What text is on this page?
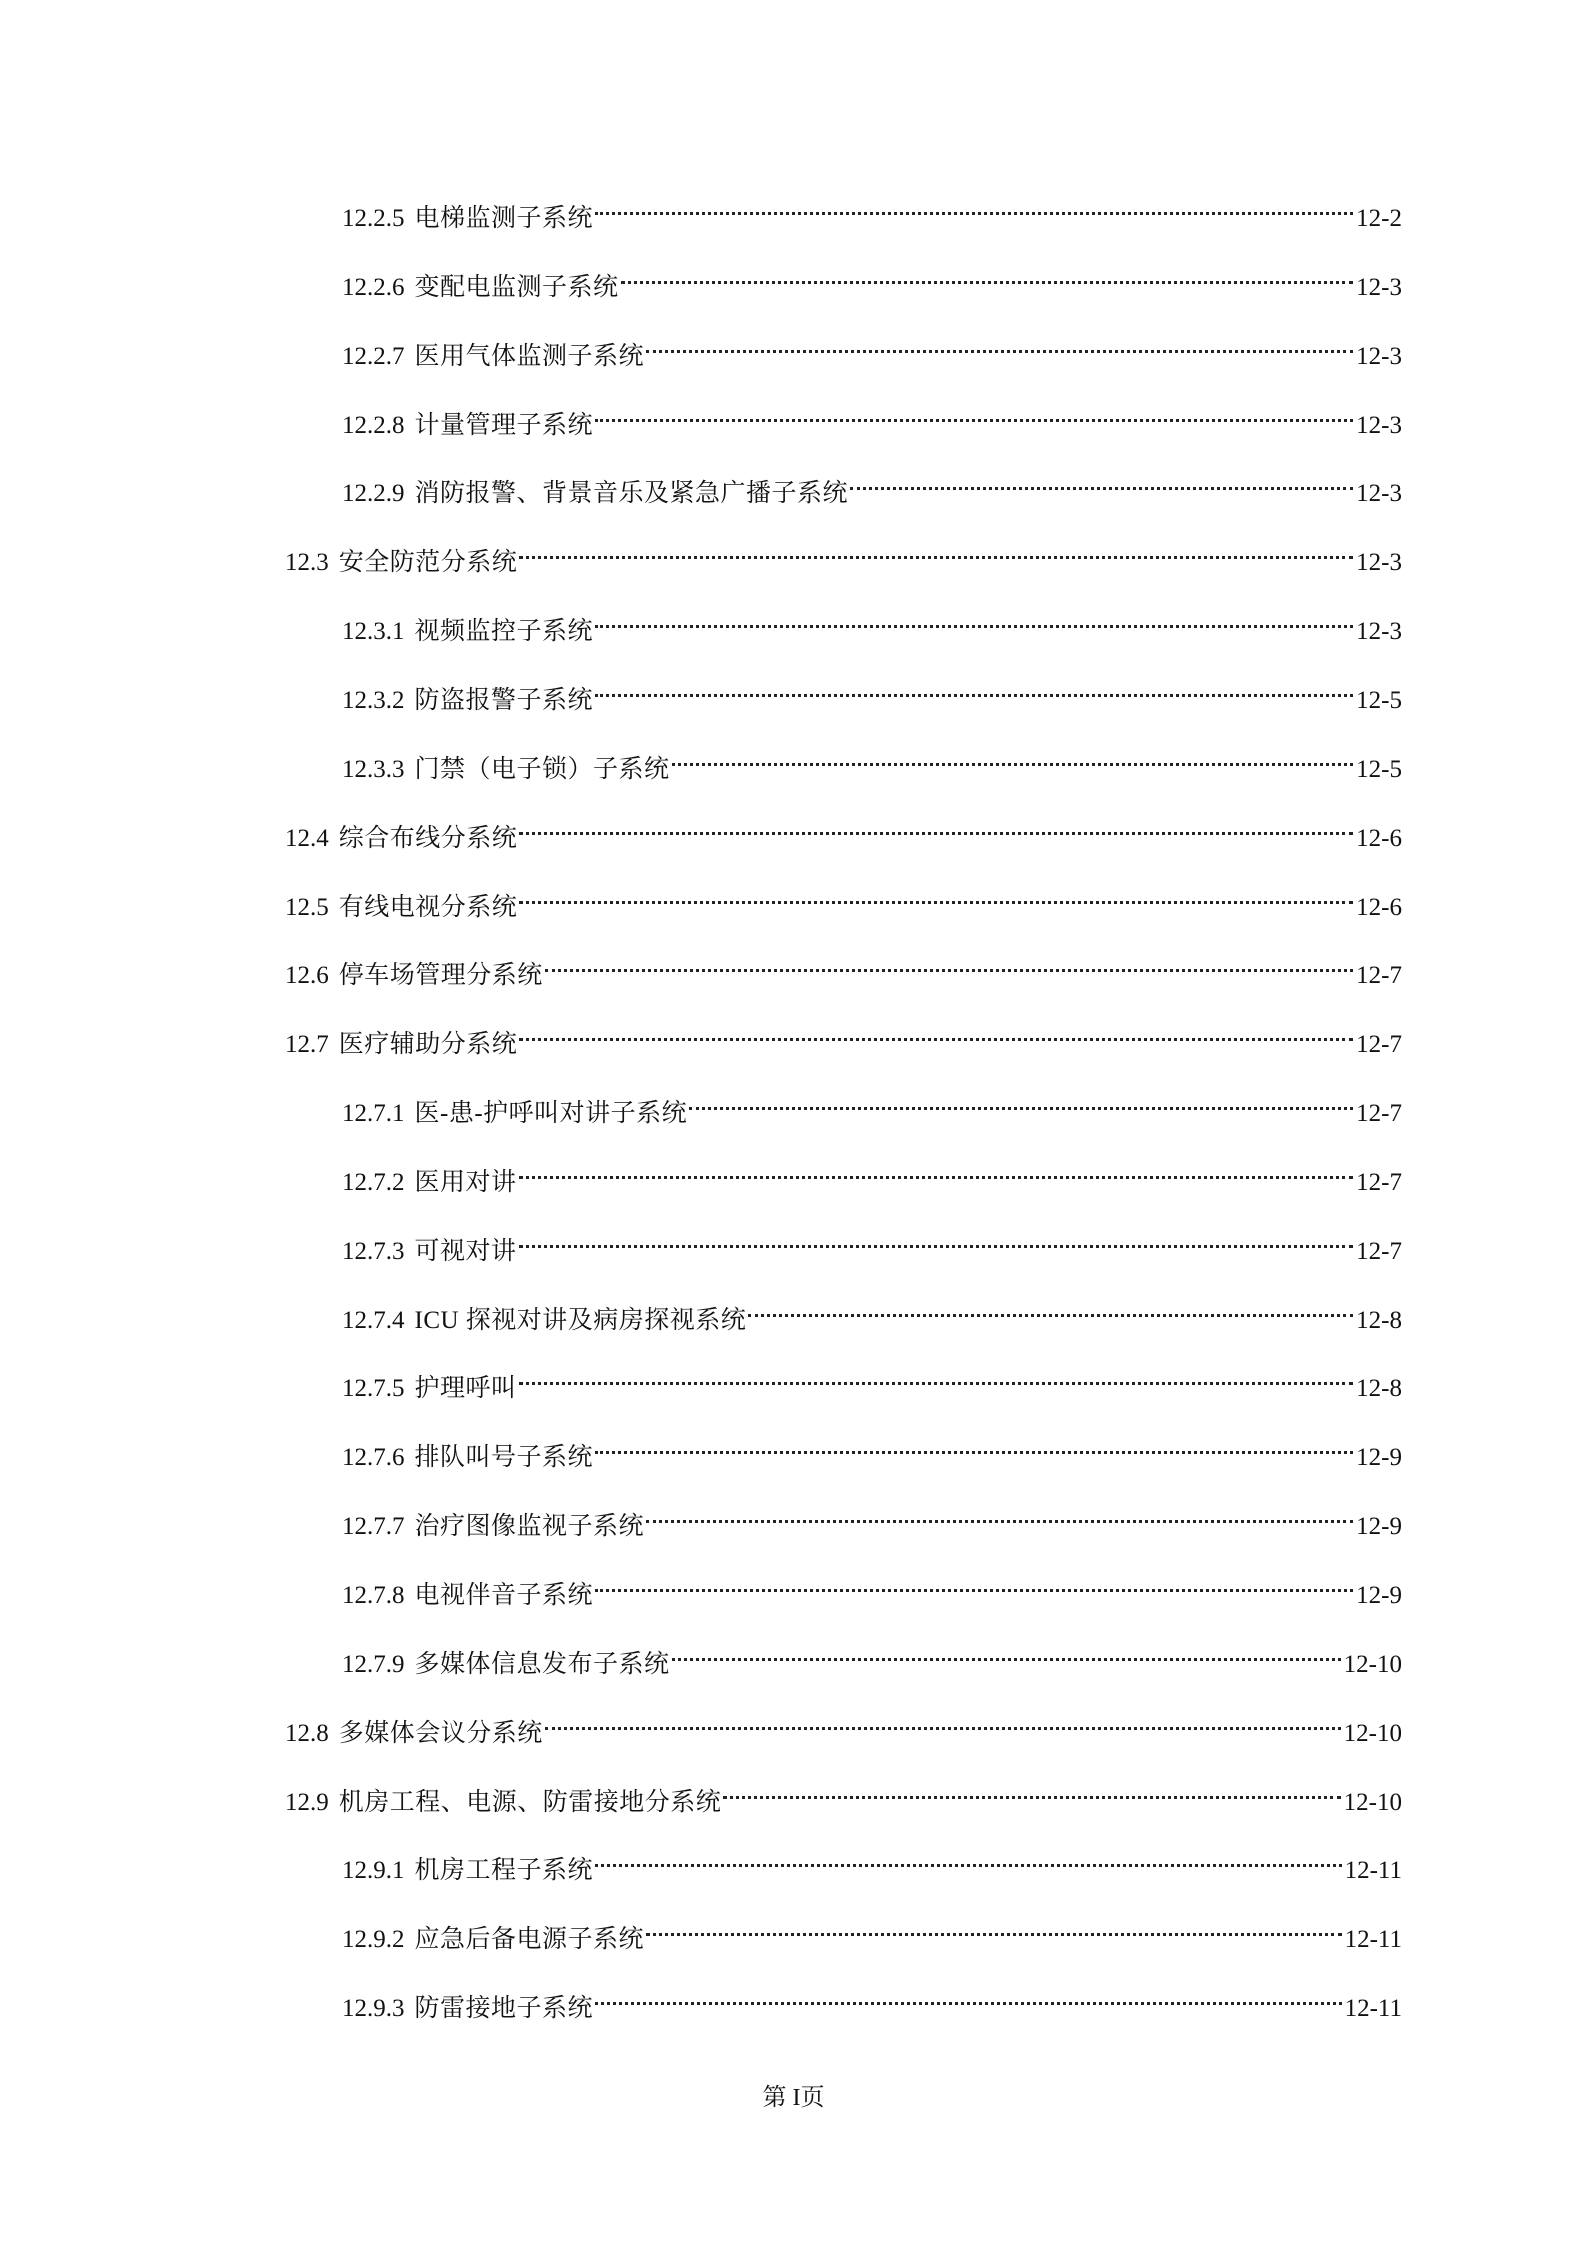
12.2.5 电梯监测子系统	12-2
12.2.6 变配电监测子系统	12-3
12.2.7 医用气体监测子系统	12-3
12.2.8 计量管理子系统	12-3
12.2.9 消防报警、背景音乐及紧急广播子系统	12-3
12.3 安全防范分系统	12-3
12.3.1 视频监控子系统	12-3
12.3.2 防盗报警子系统	12-5
12.3.3 门禁（电子锁）子系统	12-5
12.4 综合布线分系统	12-6
12.5 有线电视分系统	12-6
12.6 停车场管理分系统	12-7
12.7 医疗辅助分系统	12-7
12.7.1 医-患-护呼叫对讲子系统	12-7
12.7.2 医用对讲	12-7
12.7.3 可视对讲	12-7
12.7.4 ICU 探视对讲及病房探视系统	12-8
12.7.5 护理呼叫	12-8
12.7.6 排队叫号子系统	12-9
12.7.7 治疗图像监视子系统	12-9
12.7.8 电视伴音子系统	12-9
12.7.9 多媒体信息发布子系统	12-10
12.8 多媒体会议分系统	12-10
12.9 机房工程、电源、防雷接地分系统	12-10
12.9.1 机房工程子系统	12-11
12.9.2 应急后备电源子系统	12-11
12.9.3 防雷接地子系统	12-11
第 I页
